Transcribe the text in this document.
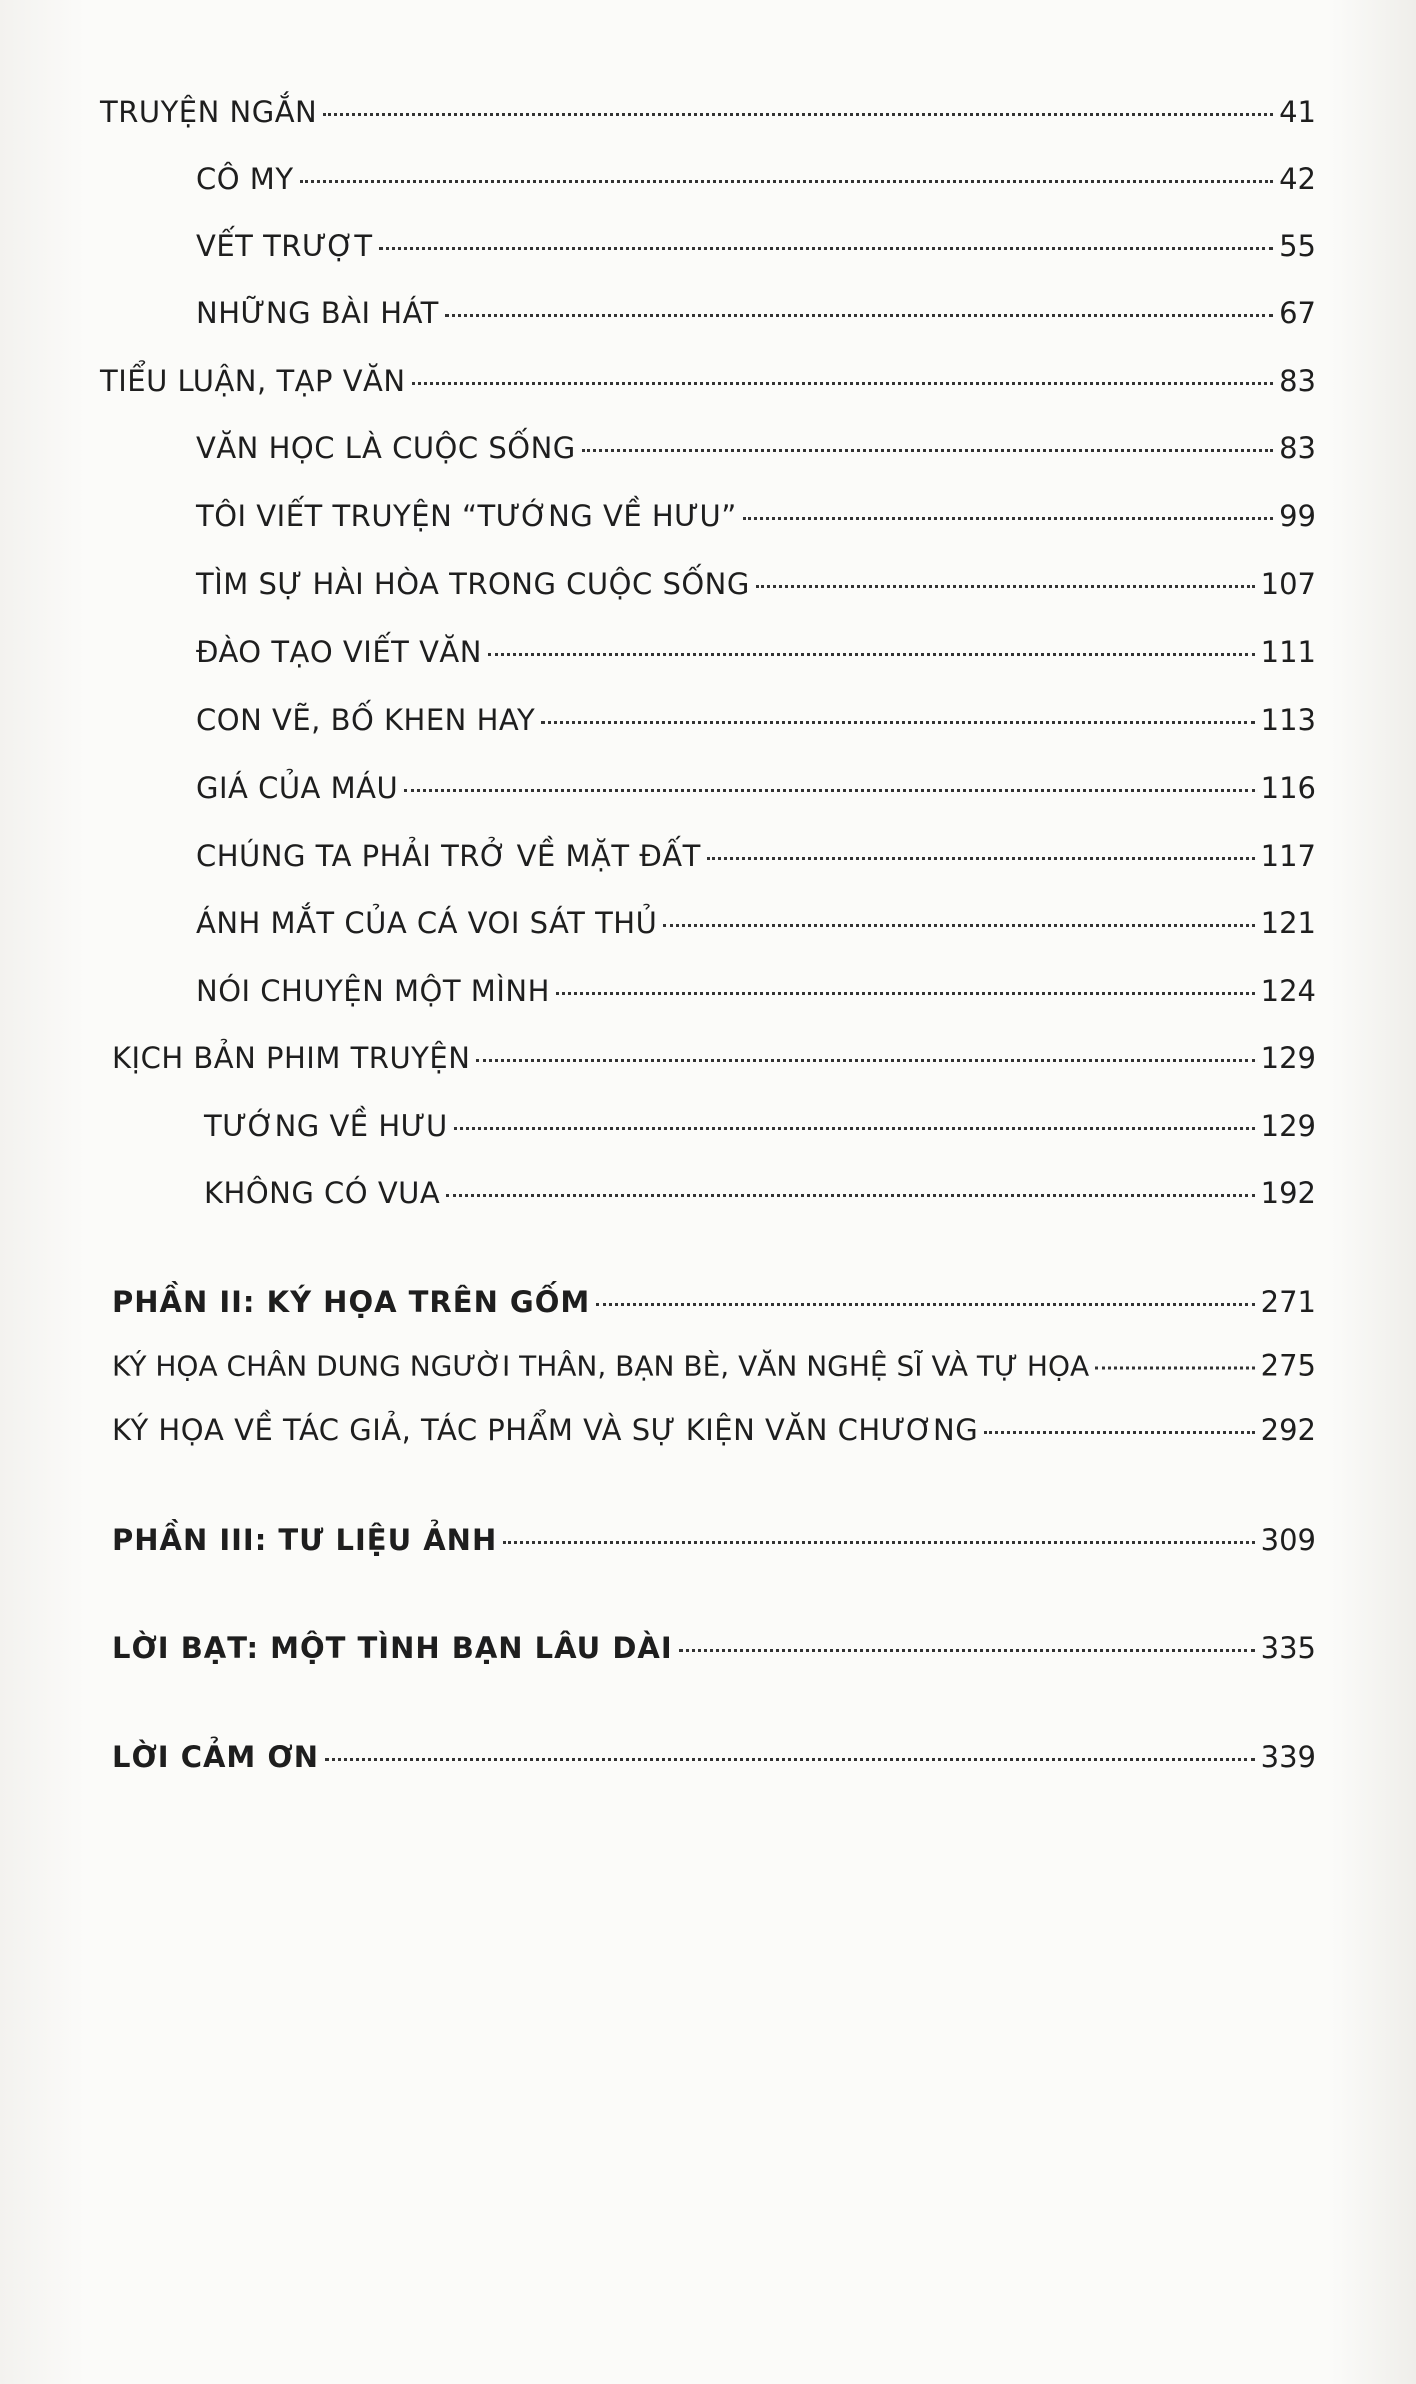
TRUYỆN NGẮN	41
CÔ MY	42
VẾT TRƯỢT	55
NHỮNG BÀI HÁT	67
TIỂU LUẬN, TẠP VĂN	83
VĂN HỌC LÀ CUỘC SỐNG	83
TÔI VIẾT TRUYỆN “TƯỚNG VỀ HƯU”	99
TÌM SỰ HÀI HÒA TRONG CUỘC SỐNG	107
ĐÀO TẠO VIẾT VĂN	111
CON VẼ, BỐ KHEN HAY	113
GIÁ CỦA MÁU	116
CHÚNG TA PHẢI TRỞ VỀ MẶT ĐẤT	117
ÁNH MẮT CỦA CÁ VOI SÁT THỦ	121
NÓI CHUYỆN MỘT MÌNH	124
KỊCH BẢN PHIM TRUYỆN	129
TƯỚNG VỀ HƯU	129
KHÔNG CÓ VUA	192
PHẦN II: KÝ HỌA TRÊN GỐM	271
KÝ HỌA CHÂN DUNG NGƯỜI THÂN, BẠN BÈ, VĂN NGHỆ SĨ VÀ TỰ HỌA	275
KÝ HỌA VỀ TÁC GIẢ, TÁC PHẨM VÀ SỰ KIỆN VĂN CHƯƠNG	292
PHẦN III: TƯ LIỆU ẢNH	309
LỜI BẠT: MỘT TÌNH BẠN LÂU DÀI	335
LỜI CẢM ƠN	339
